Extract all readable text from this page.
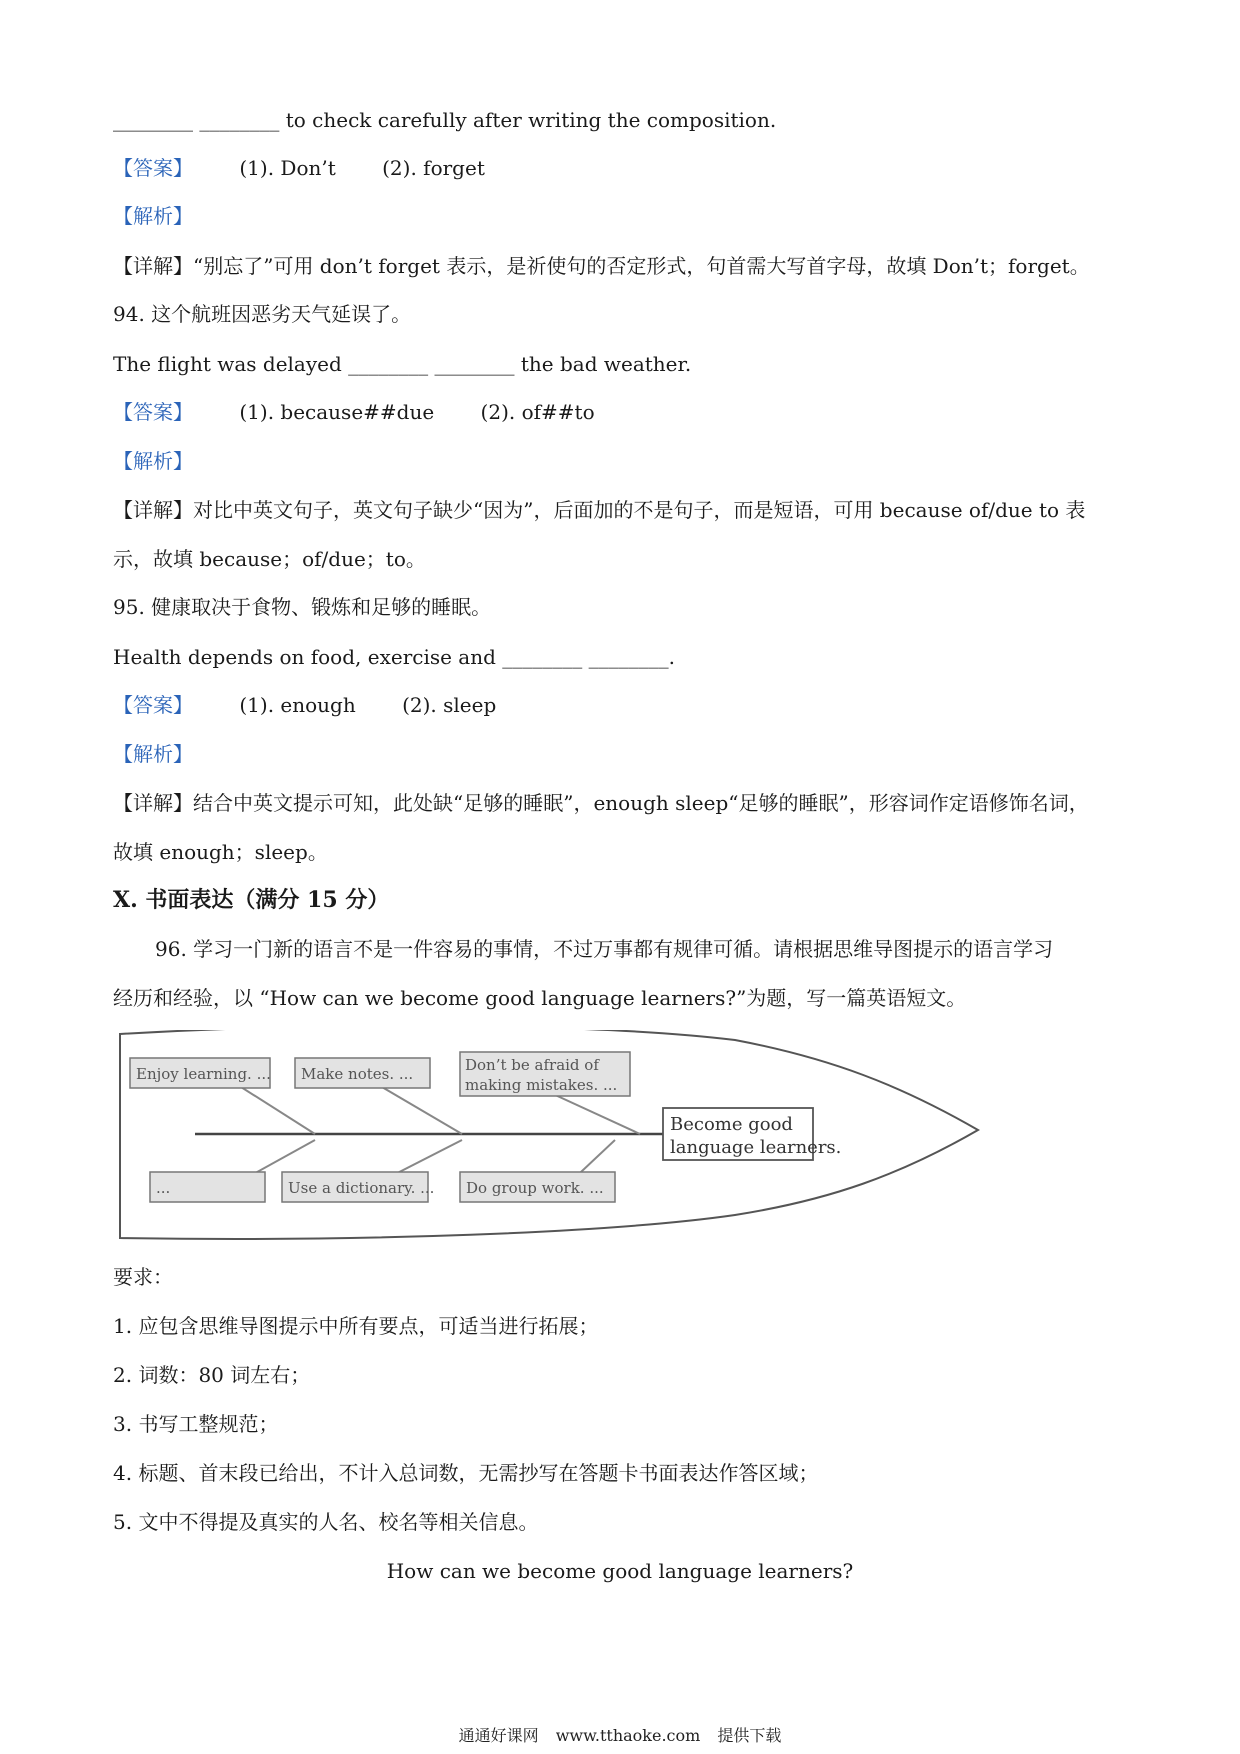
________ ________ to check carefully after writing the composition.
【答案】 (1). Don’t (2). forget
【解析】
【详解】“别忘了”可用 don’t forget 表示，是祈使句的否定形式，句首需大写首字母，故填 Don’t；forget。
94. 这个航班因恶劣天气延误了。
The flight was delayed ________ ________ the bad weather.
【答案】 (1). because##due (2). of##to
【解析】
【详解】对比中英文句子，英文句子缺少“因为”，后面加的不是句子，而是短语，可用 because of/due to 表
示，故填 because；of/due；to。
95. 健康取决于食物、锻炼和足够的睡眠。
Health depends on food, exercise and ________ ________.
【答案】 (1). enough (2). sleep
【解析】
【详解】结合中英文提示可知，此处缺“足够的睡眠”，enough sleep“足够的睡眠”，形容词作定语修饰名词，
故填 enough；sleep。
X. 书面表达（满分 15 分）
96. 学习一门新的语言不是一件容易的事情，不过万事都有规律可循。请根据思维导图提示的语言学习
经历和经验，以 “How can we become good language learners?”为题，写一篇英语短文。
Enjoy learning. ... Make notes. ...	Don’t be afraid of
making mistakes. ...
...	Use a dictionary. ... Do group work. ...
Become good
language learners.
要求：
1. 应包含思维导图提示中所有要点，可适当进行拓展；
2. 词数：80 词左右；
3. 书写工整规范；
4. 标题、首末段已给出，不计入总词数，无需抄写在答题卡书面表达作答区域；
5. 文中不得提及真实的人名、校名等相关信息。
How can we become good language learners?
通通好课网 www.tthaoke.com 提供下载
